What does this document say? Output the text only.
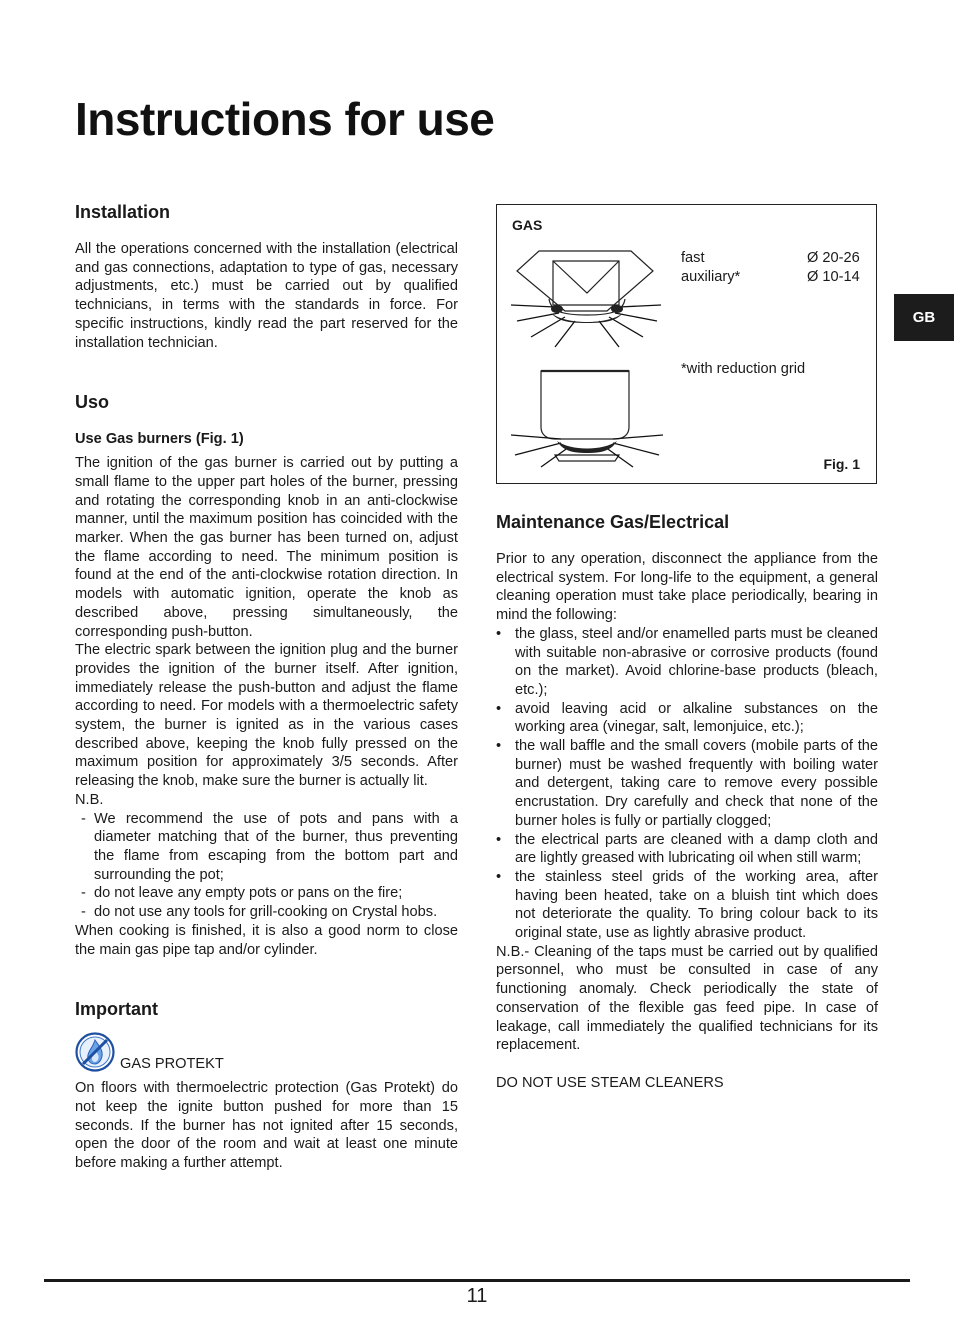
Instructions for use
Installation

All the operations concerned with the installation (electrical and gas connections, adaptation to type of gas, necessary adjustments, etc.) must be carried out by qualified technicians, in terms with the standards in force. For specific instructions, kindly read the part reserved for the installation technician.

Uso
Use Gas burners (Fig. 1)

The ignition of the gas burner is carried out by putting a small flame to the upper part holes of the burner, pressing and rotating the corresponding knob in an anti-clockwise manner, until the maximum position has coincided with the marker. When the gas burner has been turned on, adjust the flame according to need. The minimum position is found at the end of the anti-clockwise rotation direction. In models with automatic ignition, operate the knob as described above, pressing simultaneously, the corresponding push-button.

The electric spark between the ignition plug and the burner provides the ignition of the burner itself. After ignition, immediately release the push-button and adjust the flame according to need. For models with a thermoelectric safety system, the burner is ignited as in the various cases described above, keeping the knob fully pressed on the maximum position for approximately 3/5 seconds. After releasing the knob, make sure the burner is actually lit.

N.B.

- We recommend the use of pots and pans with a diameter matching that of the burner, thus preventing the flame from escaping from the bottom part and surrounding the pot;
- do not leave any empty pots or pans on the fire;
- do not use any tools for grill-cooking on Crystal hobs.

When cooking is finished, it is also a good norm to close the main gas pipe tap and/or cylinder.

Important
GAS PROTEKT

On floors with thermoelectric protection (Gas Protekt) do not keep the ignite button pushed for more than 15 seconds. If the burner has not ignited after 15 seconds, open the door of the room and wait at least one minute before making a further attempt.

GAS
fast	Ø 20-26
auxiliary*	Ø 10-14
*with reduction grid
Fig. 1
Maintenance Gas/Electrical

Prior to any operation, disconnect the appliance from the electrical system. For long-life to the equipment, a general cleaning operation must take place periodically, bearing in mind the following:

• the glass, steel and/or enamelled parts must be cleaned with suitable non-abrasive or corrosive products (found on the market). Avoid chlorine-base products (bleach, etc.);
• avoid leaving acid or alkaline substances on the working area (vinegar, salt, lemonjuice, etc.);
• the wall baffle and the small covers (mobile parts of the burner) must be washed frequently with boiling water and detergent, taking care to remove every possible encrustation. Dry carefully and check that none of the burner holes is fully or partially clogged;
• the electrical parts are cleaned with a damp cloth and are lightly greased with lubricating oil when still warm;
• the stainless steel grids of the working area, after having been heated, take on a bluish tint which does not deteriorate the quality. To bring colour back to its original state, use as lightly abrasive product.

N.B.- Cleaning of the taps must be carried out by qualified personnel, who must be consulted in case of any functioning anomaly. Check periodically the state of conservation of the flexible gas feed pipe. In case of leakage, call immediately the qualified technicians for its replacement.

DO NOT USE STEAM CLEANERS

GB
11
